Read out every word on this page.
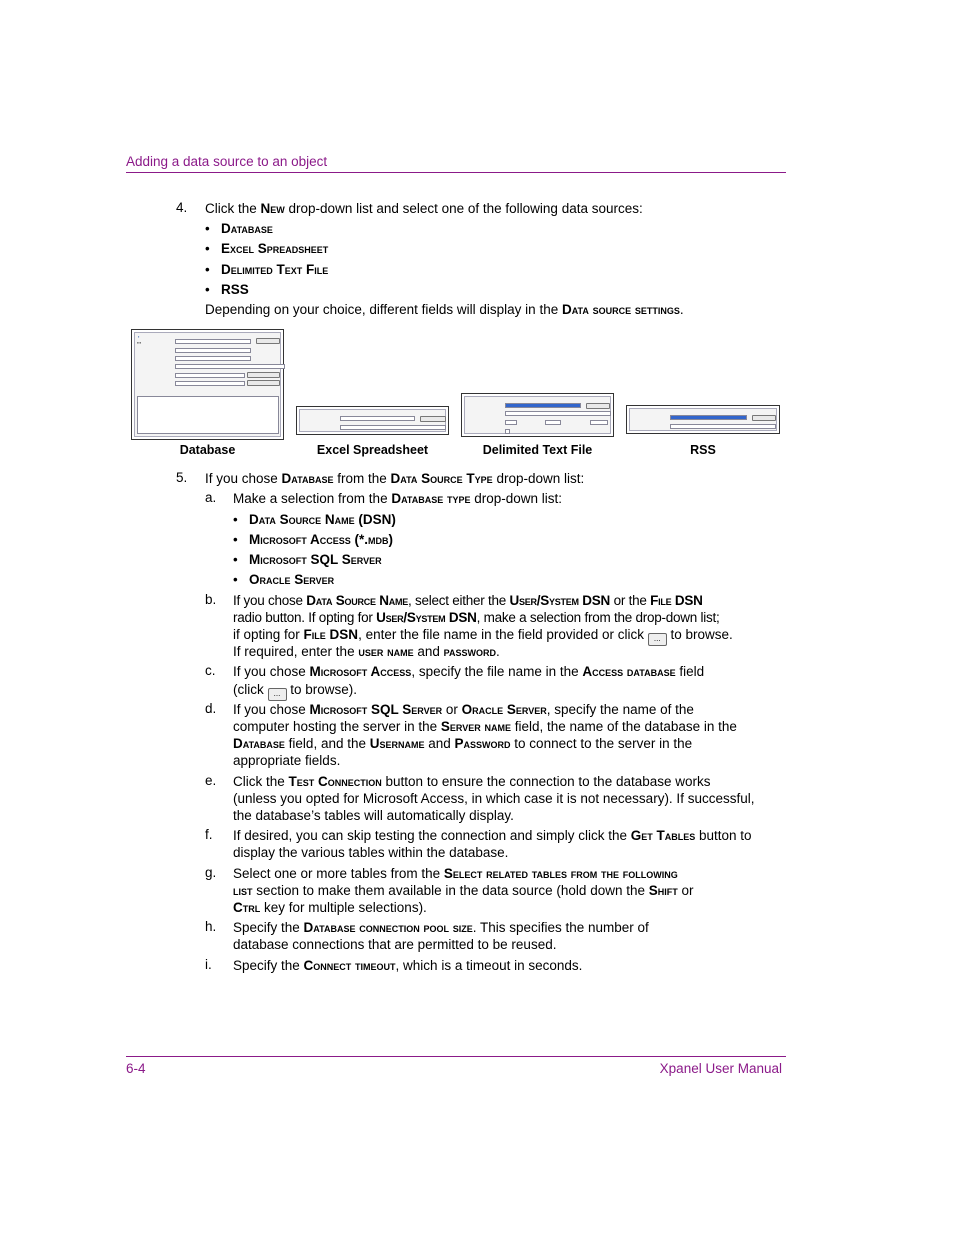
Adding a data source to an object
4. Click the New drop-down list and select one of the following data sources:
•   Database
•   Excel Spreadsheet
•   Delimited Text File
•   RSS
Depending on your choice, different fields will display in the Data source settings.
▪
▪▪▪
Database	Excel Spreadsheet	Delimited Text File	RSS
5. If you chose Database from the Data Source Type drop-down list:
a. Make a selection from the Database type drop-down list:
•   Data Source Name (DSN)
•   Microsoft Access (*.mdb)
•   Microsoft SQL Server
•   Oracle Server
b. If you chose Data Source Name, select either the User/System DSN or the File DSN
radio button. If opting for User/System DSN, make a selection from the drop-down list;
if opting for File DSN, enter the file name in the field provided or click ... to browse.
If required, enter the user name and password.
c. If you chose Microsoft Access, specify the file name in the Access database field
(click ... to browse).
d. If you chose Microsoft SQL Server or Oracle Server, specify the name of the
computer hosting the server in the Server name field, the name of the database in the
Database field, and the Username and Password to connect to the server in the
appropriate fields.
e. Click the Test Connection button to ensure the connection to the database works
(unless you opted for Microsoft Access, in which case it is not necessary). If successful,
the database’s tables will automatically display.
f. If desired, you can skip testing the connection and simply click the Get Tables button to
display the various tables within the database.
g. Select one or more tables from the Select related tables from the following
list section to make them available in the data source (hold down the Shift or
Ctrl key for multiple selections).
h. Specify the Database connection pool size. This specifies the number of
database connections that are permitted to be reused.
i. Specify the Connect timeout, which is a timeout in seconds.
6-4	Xpanel User Manual
